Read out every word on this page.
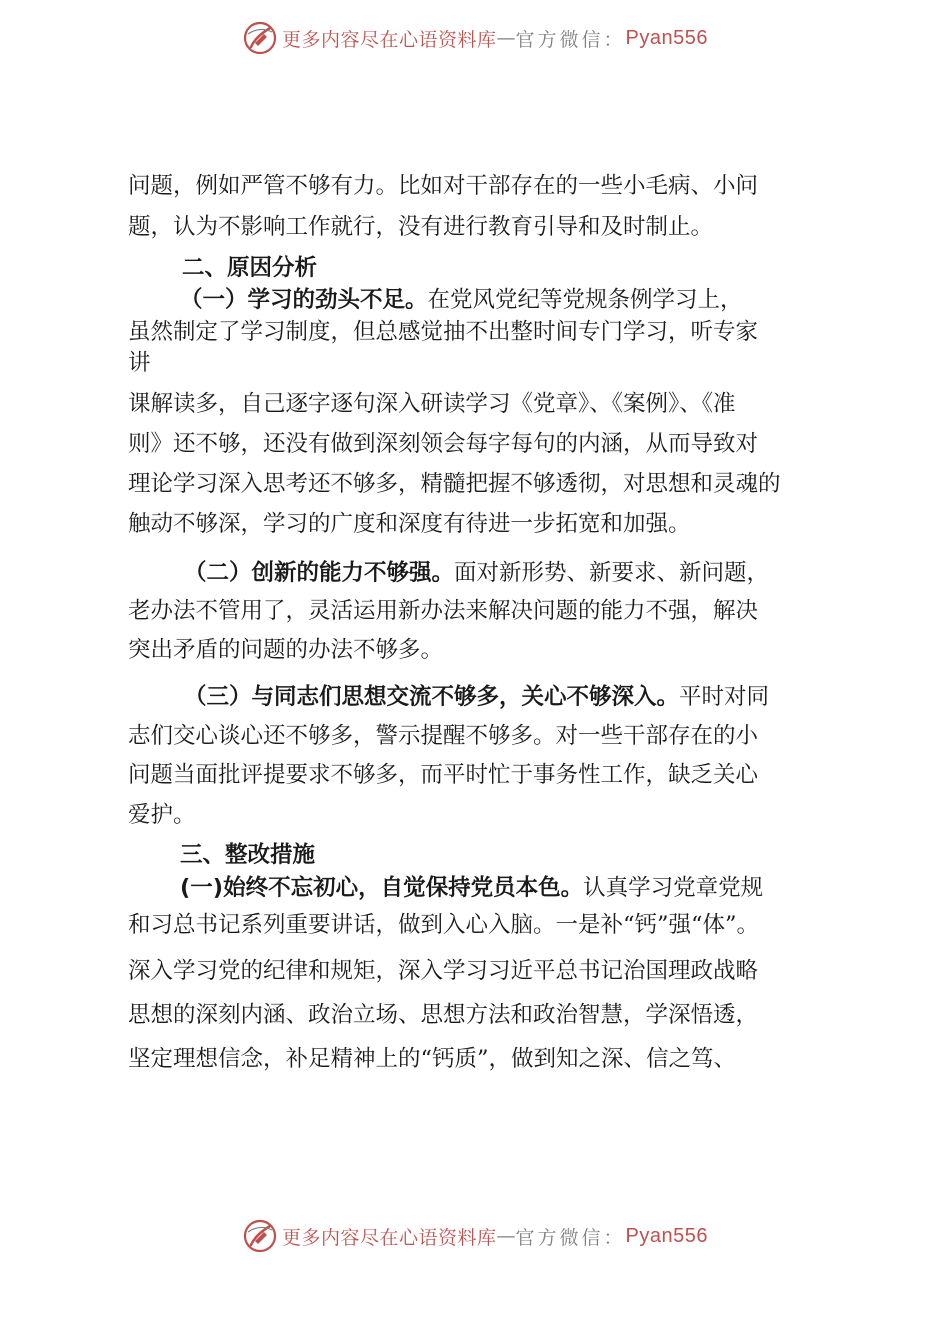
更多内容尽在心语资料库 — 官方微信： Pyan556
问题，例如严管不够有力。比如对干部存在的一些小毛病、小问
题，认为不影响工作就行，没有进行教育引导和及时制止。
二、原因分析
（一）学习的劲头不足。在党风党纪等党规条例学习上，
虽然制定了学习制度，但总感觉抽不出整时间专门学习，听专家
讲
课解读多，自己逐字逐句深入研读学习《党章》、《案例》、《准
则》还不够，还没有做到深刻领会每字每句的内涵，从而导致对
理论学习深入思考还不够多，精髓把握不够透彻，对思想和灵魂的
触动不够深，学习的广度和深度有待进一步拓宽和加强。
（二）创新的能力不够强。面对新形势、新要求、新问题，
老办法不管用了，灵活运用新办法来解决问题的能力不强，解决
突出矛盾的问题的办法不够多。
（三）与同志们思想交流不够多，关心不够深入。平时对同
志们交心谈心还不够多，警示提醒不够多。对一些干部存在的小
问题当面批评提要求不够多，而平时忙于事务性工作，缺乏关心
爱护。
三、整改措施
(一)始终不忘初心，自觉保持党员本色。认真学习党章党规
和习总书记系列重要讲话，做到入心入脑。一是补“钙”强“体”。
深入学习党的纪律和规矩，深入学习习近平总书记治国理政战略
思想的深刻内涵、政治立场、思想方法和政治智慧，学深悟透，
坚定理想信念，补足精神上的“钙质”，做到知之深、信之笃、
更多内容尽在心语资料库 — 官方微信： Pyan556
